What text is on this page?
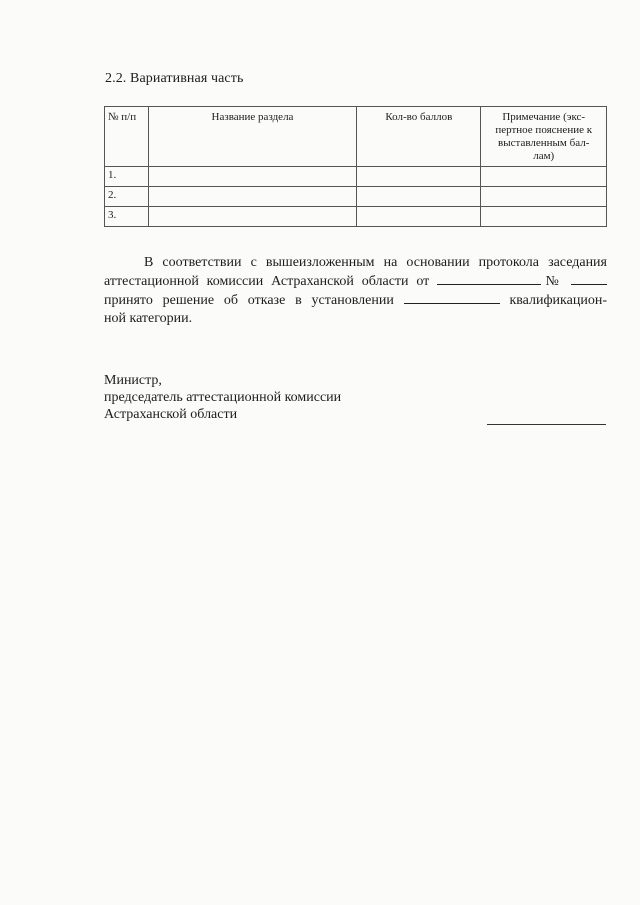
2.2. Вариативная часть
№ п/п	Название раздела	Кол-во баллов	Примечание (экс-
пертное пояснение к
выставленным бал-
лам)
1.			
2.			
3.			
В соответствии с вышеизложенным на основании протокола заседания
аттестационной комиссии Астраханской области от	№
принято решение об отказе в установлении	квалификацион-
ной категории.
Министр,
председатель аттестационной комиссии
Астраханской области
